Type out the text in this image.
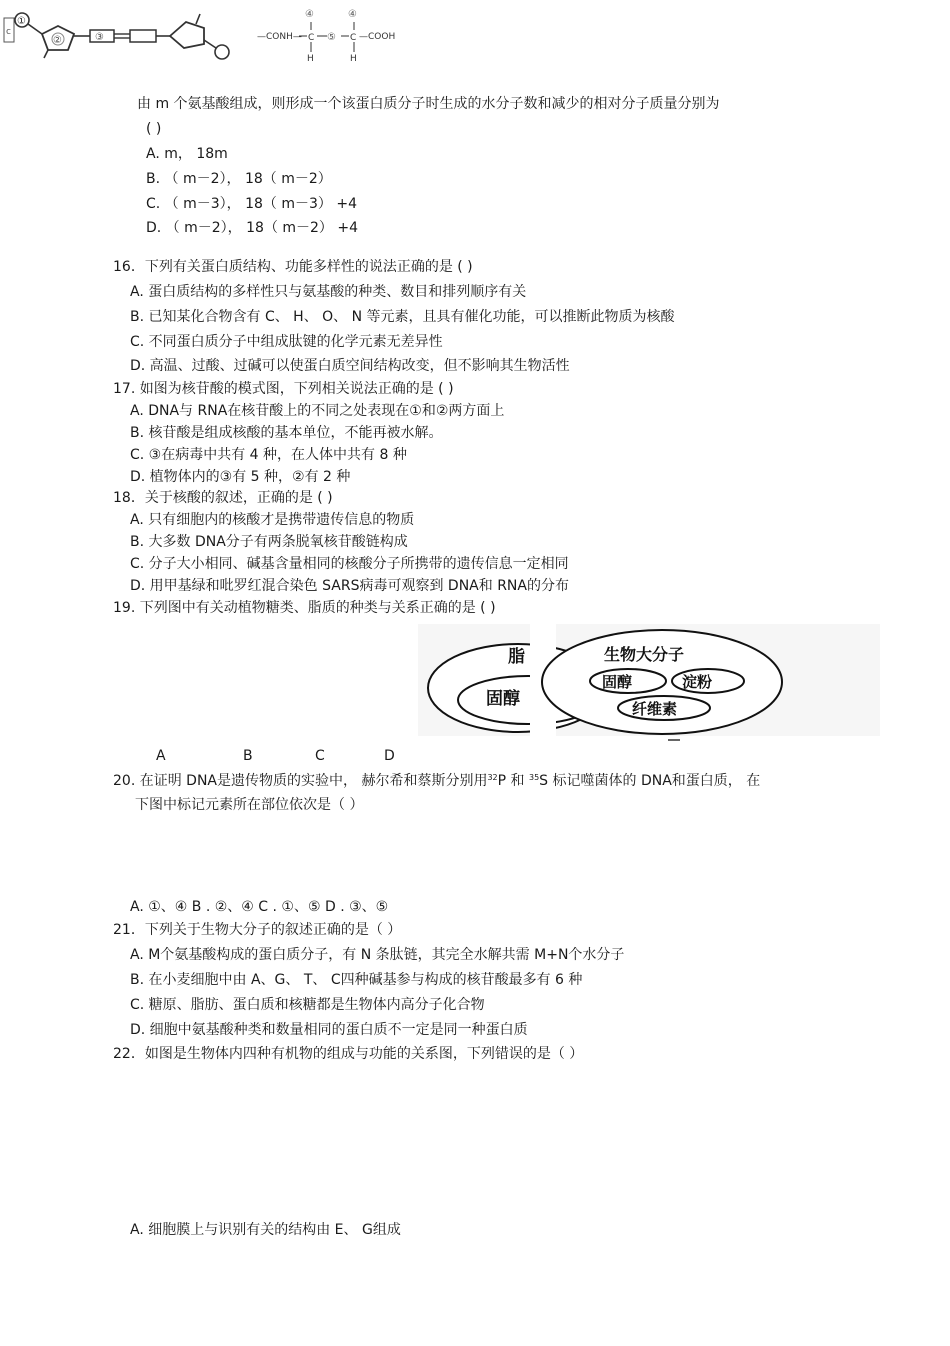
c
①
②	③	—CONH— C
H
④
⑤ C
H
④
—COOH
由 m 个氨基酸组成，则形成一个该蛋白质分子时生成的水分子数和减少的相对分子质量分别为
( )
A. m， 18m
B. （ m－2）， 18（ m－2）
C. （ m－3）， 18（ m－3） +4
D. （ m－2）， 18（ m－2） +4
16．下列有关蛋白质结构、功能多样性的说法正确的是 ( )
A. 蛋白质结构的多样性只与氨基酸的种类、数目和排列顺序有关
B. 已知某化合物含有 C、 H、 O、 N 等元素，且具有催化功能，可以推断此物质为核酸
C. 不同蛋白质分子中组成肽键的化学元素无差异性
D. 高温、过酸、过碱可以使蛋白质空间结构改变，但不影响其生物活性
17. 如图为核苷酸的模式图，下列相关说法正确的是 ( )
A. DNA与 RNA在核苷酸上的不同之处表现在①和②两方面上
B. 核苷酸是组成核酸的基本单位，不能再被水解。
C. ③在病毒中共有 4 种，在人体中共有 8 种
D. 植物体内的③有 5 种，②有 2 种
18．关于核酸的叙述，正确的是 ( )
A. 只有细胞内的核酸才是携带遗传信息的物质
B. 大多数 DNA分子有两条脱氧核苷酸链构成
C. 分子大小相同、碱基含量相同的核酸分子所携带的遗传信息一定相同
D. 用甲基绿和吡罗红混合染色 SARS病毒可观察到 DNA和 RNA的分布
19. 下列图中有关动植物糖类、脂质的种类与关系正确的是 ( )
脂
固醇
生物大分子
固醇	淀粉
纤维素
A	B	C	D
20. 在证明 DNA是遗传物质的实验中， 赫尔希和蔡斯分别用$^{32}$P 和 $^{35}$S 标记噬菌体的 DNA和蛋白质， 在
下图中标记元素所在部位依次是（ ）
A. ①、④ B . ②、④ C . ①、⑤ D . ③、⑤
21．下列关于生物大分子的叙述正确的是（ ）
A. M个氨基酸构成的蛋白质分子，有 N 条肽链，其完全水解共需 M+N个水分子
B. 在小麦细胞中由 A、G、 T、 C四种碱基参与构成的核苷酸最多有 6 种
C. 糖原、脂肪、蛋白质和核糖都是生物体内高分子化合物
D. 细胞中氨基酸种类和数量相同的蛋白质不一定是同一种蛋白质
22．如图是生物体内四种有机物的组成与功能的关系图，下列错误的是（ ）
A. 细胞膜上与识别有关的结构由 E、 G组成
